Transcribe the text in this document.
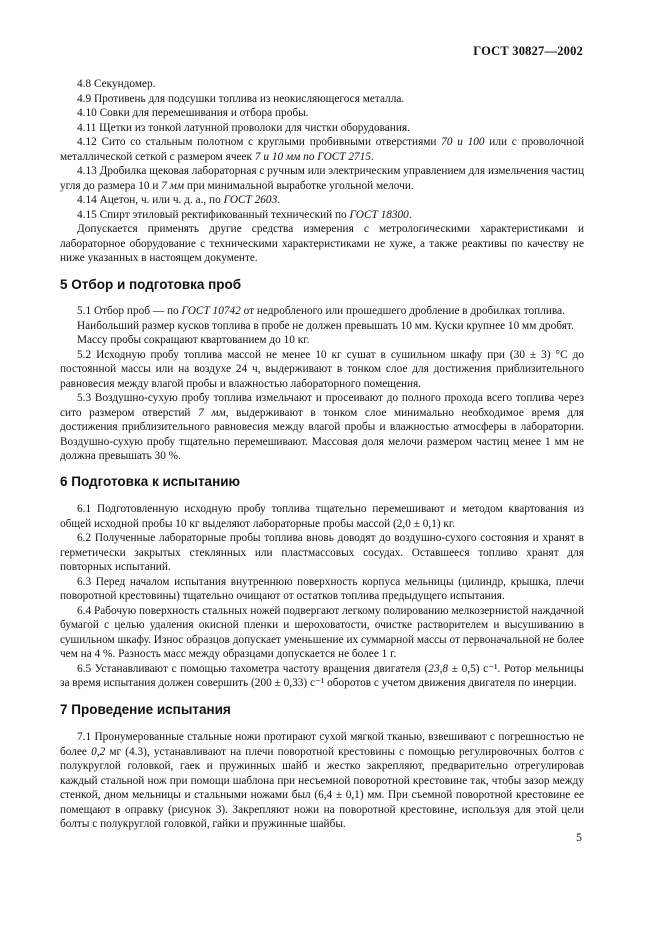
ГОСТ 30827—2002

4.8 Секундомер.

4.9 Противень для подсушки топлива из неокисляющегося металла.

4.10 Совки для перемешивания и отбора пробы.

4.11 Щетки из тонкой латунной проволоки для чистки оборудования.

4.12 Сито со стальным полотном с круглыми пробивными отверстиями 70 и 100 или с проволочной металлической сеткой с размером ячеек 7 и 10 мм по ГОСТ 2715.

4.13 Дробилка щековая лабораторная с ручным или электрическим управлением для измельчения частиц угля до размера 10 и 7 мм при минимальной выработке угольной мелочи.

4.14 Ацетон, ч. или ч. д. а., по ГОСТ 2603.

4.15 Спирт этиловый ректификованный технический по ГОСТ 18300.

Допускается применять другие средства измерения с метрологическими характеристиками и лабораторное оборудование с техническими характеристиками не хуже, а также реактивы по качеству не ниже указанных в настоящем документе.

5 Отбор и подготовка проб

5.1 Отбор проб — по ГОСТ 10742 от недробленого или прошедшего дробление в дробилках топлива.

Наибольший размер кусков топлива в пробе не должен превышать 10 мм. Куски крупнее 10 мм дробят.

Массу пробы сокращают квартованием до 10 кг.

5.2 Исходную пробу топлива массой не менее 10 кг сушат в сушильном шкафу при (30 ± 3) °С до постоянной массы или на воздухе 24 ч, выдерживают в тонком слое для достижения приблизительного равновесия между влагой пробы и влажностью лабораторного помещения.

5.3 Воздушно-сухую пробу топлива измельчают и просеивают до полного прохода всего топлива через сито размером отверстий 7 мм, выдерживают в тонком слое минимально необходимое время для достижения приблизительного равновесия между влагой пробы и влажностью атмосферы в лаборатории. Воздушно-сухую пробу тщательно перемешивают. Массовая доля мелочи размером частиц менее 1 мм не должна превышать 30 %.

6 Подготовка к испытанию

6.1 Подготовленную исходную пробу топлива тщательно перемешивают и методом квартования из общей исходной пробы 10 кг выделяют лабораторные пробы массой (2,0 ± 0,1) кг.

6.2 Полученные лабораторные пробы топлива вновь доводят до воздушно-сухого состояния и хранят в герметически закрытых стеклянных или пластмассовых сосудах. Оставшееся топливо хранят для повторных испытаний.

6.3 Перед началом испытания внутреннюю поверхность корпуса мельницы (цилиндр, крышка, плечи поворотной крестовины) тщательно очищают от остатков топлива предыдущего испытания.

6.4 Рабочую поверхность стальных ножей подвергают легкому полированию мелкозернистой наждачной бумагой с целью удаления окисной пленки и шероховатости, очистке растворителем и высушиванию в сушильном шкафу. Износ образцов допускает уменьшение их суммарной массы от первоначальной не более чем на 4 %. Разность масс между образцами допускается не более 1 г.

6.5 Устанавливают с помощью тахометра частоту вращения двигателя (23,8 ± 0,5) с⁻¹. Ротор мельницы за время испытания должен совершить (200 ± 0,33) с⁻¹ оборотов с учетом движения двигателя по инерции.

7 Проведение испытания

7.1 Пронумерованные стальные ножи протирают сухой мягкой тканью, взвешивают с погрешностью не более 0,2 мг (4.3), устанавливают на плечи поворотной крестовины с помощью регулировочных болтов с полукруглой головкой, гаек и пружинных шайб и жестко закрепляют, предварительно отрегулировав каждый стальной нож при помощи шаблона при несъемной поворотной крестовине так, чтобы зазор между стенкой, дном мельницы и стальными ножами был (6,4 ± 0,1) мм. При съемной поворотной крестовине ее помещают в оправку (рисунок 3). Закрепляют ножи на поворотной крестовине, используя для этой цели болты с полукруглой головкой, гайки и пружинные шайбы.

5
